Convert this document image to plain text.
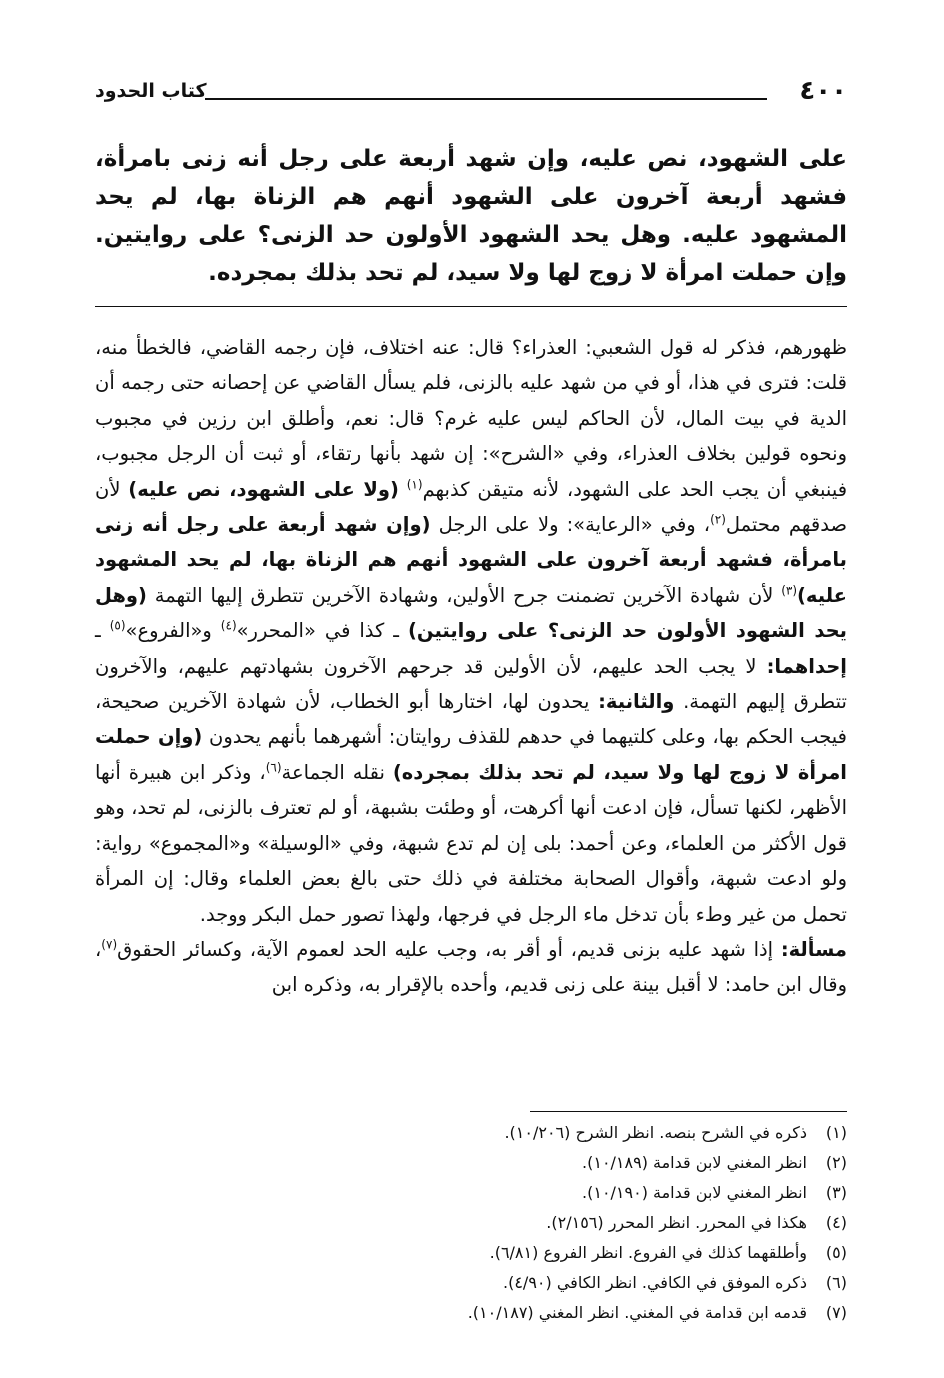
٤٠٠
كتاب الحدود
على الشهود، نص عليه، وإن شهد أربعة على رجل أنه زنى بامرأة، فشهد أربعة آخرون على الشهود أنهم هم الزناة بها، لم يحد المشهود عليه. وهل يحد الشهود الأولون حد الزنى؟ على روايتين. وإن حملت امرأة لا زوج لها ولا سيد، لم تحد بذلك بمجرده.

ظهورهم، فذكر له قول الشعبي: العذراء؟ قال: عنه اختلاف، فإن رجمه القاضي، فالخطأ منه، قلت: فترى في هذا، أو في من شهد عليه بالزنى، فلم يسأل القاضي عن إحصانه حتى رجمه أن الدية في بيت المال، لأن الحاكم ليس عليه غرم؟ قال: نعم، وأطلق ابن رزين في مجبوب ونحوه قولين بخلاف العذراء، وفي «الشرح»: إن شهد بأنها رتقاء، أو ثبت أن الرجل مجبوب، فينبغي أن يجب الحد على الشهود، لأنه متيقن كذبهم$^{(١)}$ (ولا على الشهود، نص عليه) لأن صدقهم محتمل$^{(٢)}$، وفي «الرعاية»: ولا على الرجل (وإن شهد أربعة على رجل أنه زنى بامرأة، فشهد أربعة آخرون على الشهود أنهم هم الزناة بها، لم يحد المشهود عليه)$^{(٣)}$ لأن شهادة الآخرين تضمنت جرح الأولين، وشهادة الآخرين تتطرق إليها التهمة (وهل يحد الشهود الأولون حد الزنى؟ على روايتين) ـ كذا في «المحرر»$^{(٤)}$ و«الفروع»$^{(٥)}$ ـ إحداهما: لا يجب الحد عليهم، لأن الأولين قد جرحهم الآخرون بشهادتهم عليهم، والآخرون تتطرق إليهم التهمة. والثانية: يحدون لها، اختارها أبو الخطاب، لأن شهادة الآخرين صحيحة، فيجب الحكم بها، وعلى كلتيهما في حدهم للقذف روايتان: أشهرهما بأنهم يحدون (وإن حملت امرأة لا زوج لها ولا سيد، لم تحد بذلك بمجرده) نقله الجماعة$^{(٦)}$، وذكر ابن هبيرة أنها الأظهر، لكنها تسأل، فإن ادعت أنها أكرهت، أو وطئت بشبهة، أو لم تعترف بالزنى، لم تحد، وهو قول الأكثر من العلماء، وعن أحمد: بلى إن لم تدع شبهة، وفي «الوسيلة» و«المجموع» رواية: ولو ادعت شبهة، وأقوال الصحابة مختلفة في ذلك حتى بالغ بعض العلماء وقال: إن المرأة تحمل من غير وطء بأن تدخل ماء الرجل في فرجها، ولهذا تصور حمل البكر ووجد.

مسألة: إذا شهد عليه بزنى قديم، أو أقر به، وجب عليه الحد لعموم الآية، وكسائر الحقوق$^{(٧)}$، وقال ابن حامد: لا أقبل بينة على زنى قديم، وأحده بالإقرار به، وذكره ابن

(١)
ذكره في الشرح بنصه. انظر الشرح (١٠/٢٠٦).
(٢)
انظر المغني لابن قدامة (١٠/١٨٩).
(٣)
انظر المغني لابن قدامة (١٠/١٩٠).
(٤)
هكذا في المحرر. انظر المحرر (٢/١٥٦).
(٥)
وأطلقهما كذلك في الفروع. انظر الفروع (٦/٨١).
(٦)
ذكره الموفق في الكافي. انظر الكافي (٤/٩٠).
(٧)
قدمه ابن قدامة في المغني. انظر المغني (١٠/١٨٧).
